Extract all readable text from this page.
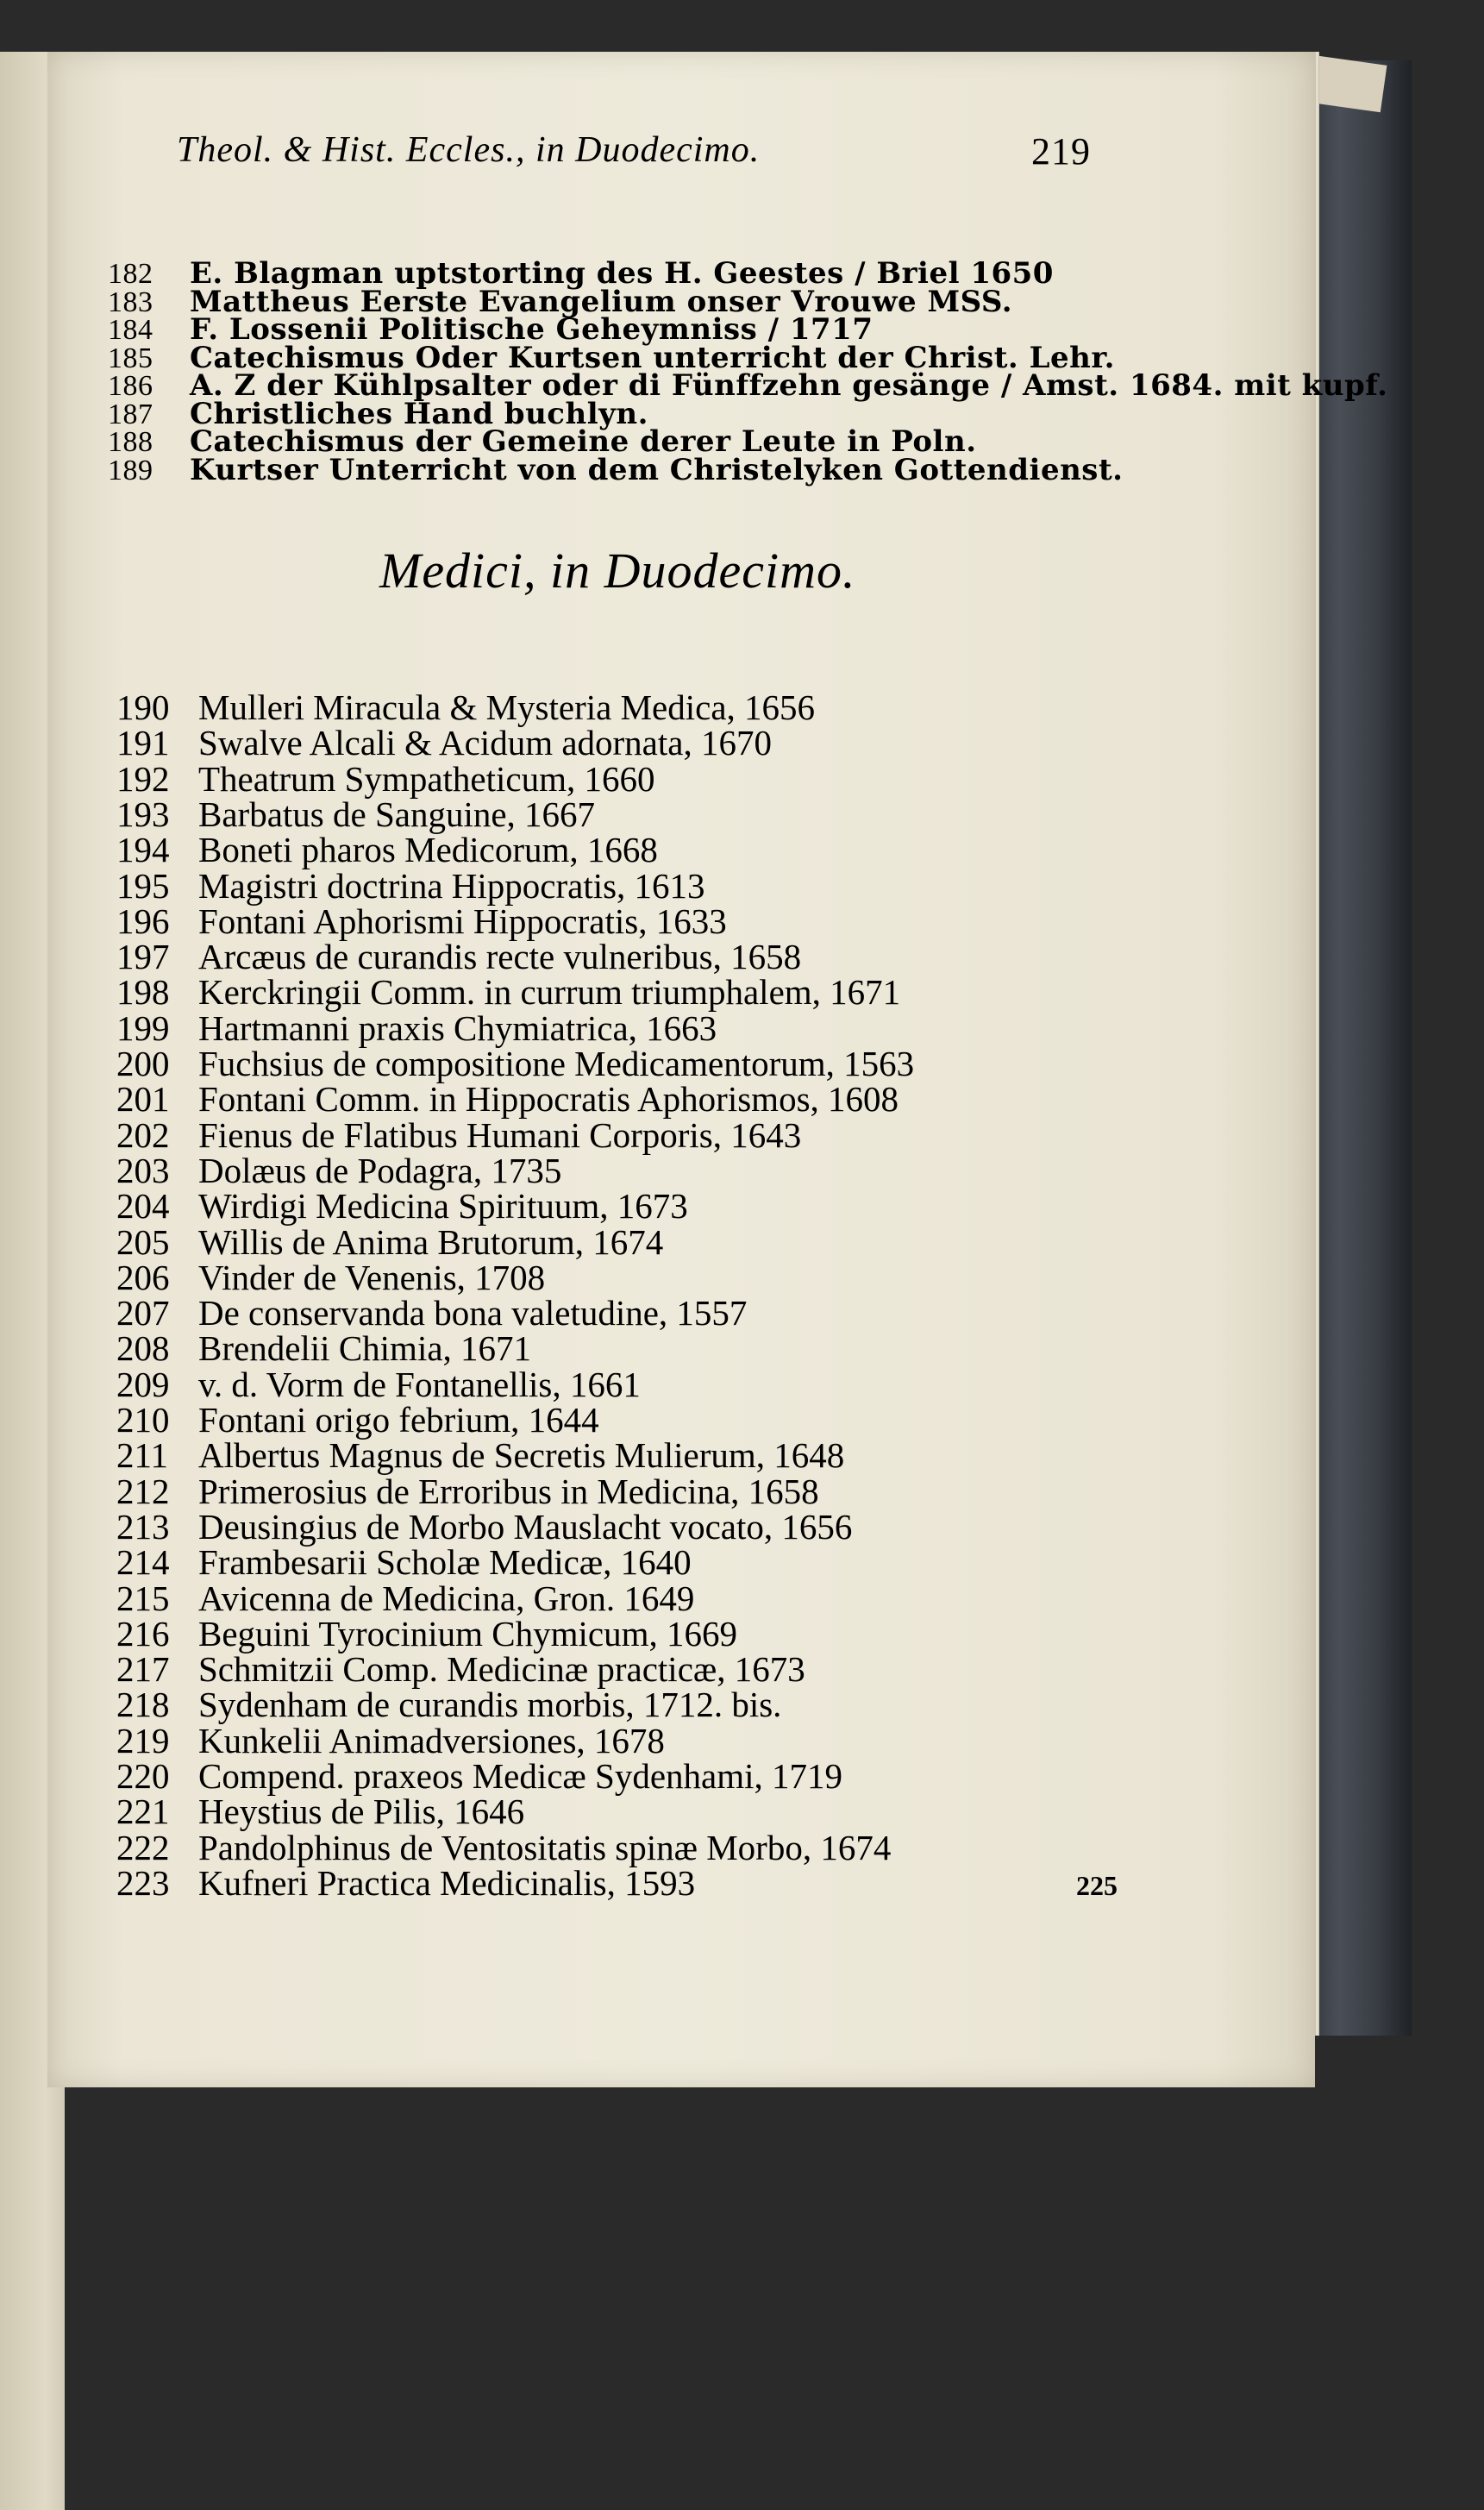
Theol. & Hist. Eccles., in Duodecimo.	219
182 E. Blagman uptstorting des H. Geestes / Briel 1650
183 Mattheus Eerste Evangelium onser Vrouwe MSS.
184 F. Lossenii Politische Geheymniss / 1717
185 Catechismus Oder Kurtsen unterricht der Christ. Lehr.
186 A. Z der Kühlpsalter oder di Fünffzehn gesänge / Amst. 1684. mit kupf.
187 Christliches Hand buchlyn.
188 Catechismus der Gemeine derer Leute in Poln.
189 Kurtser Unterricht von dem Christelyken Gottendienst.
Medici, in Duodecimo.
190 Mulleri Miracula & Mysteria Medica, 1656
191 Swalve Alcali & Acidum adornata, 1670
192 Theatrum Sympatheticum, 1660
193 Barbatus de Sanguine, 1667
194 Boneti pharos Medicorum, 1668
195 Magistri doctrina Hippocratis, 1613
196 Fontani Aphorismi Hippocratis, 1633
197 Arcæus de curandis recte vulneribus, 1658
198 Kerckringii Comm. in currum triumphalem, 1671
199 Hartmanni praxis Chymiatrica, 1663
200 Fuchsius de compositione Medicamentorum, 1563
201 Fontani Comm. in Hippocratis Aphorismos, 1608
202 Fienus de Flatibus Humani Corporis, 1643
203 Dolæus de Podagra, 1735
204 Wirdigi Medicina Spirituum, 1673
205 Willis de Anima Brutorum, 1674
206 Vinder de Venenis, 1708
207 De conservanda bona valetudine, 1557
208 Brendelii Chimia, 1671
209 v. d. Vorm de Fontanellis, 1661
210 Fontani origo febrium, 1644
211 Albertus Magnus de Secretis Mulierum, 1648
212 Primerosius de Erroribus in Medicina, 1658
213 Deusingius de Morbo Mauslacht vocato, 1656
214 Frambesarii Scholæ Medicæ, 1640
215 Avicenna de Medicina, Gron. 1649
216 Beguini Tyrocinium Chymicum, 1669
217 Schmitzii Comp. Medicinæ practicæ, 1673
218 Sydenham de curandis morbis, 1712. bis.
219 Kunkelii Animadversiones, 1678
220 Compend. praxeos Medicæ Sydenhami, 1719
221 Heystius de Pilis, 1646
222 Pandolphinus de Ventositatis spinæ Morbo, 1674
223 Kufneri Practica Medicinalis, 1593	225
